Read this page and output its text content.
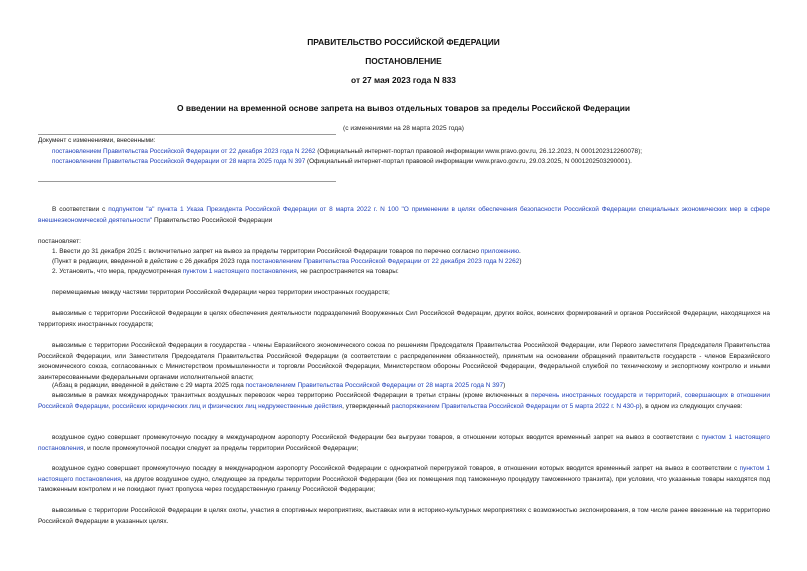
ПРАВИТЕЛЬСТВО РОССИЙСКОЙ ФЕДЕРАЦИИ
ПОСТАНОВЛЕНИЕ
от 27 мая 2023 года N 833
О введении на временной основе запрета на вывоз отдельных товаров за пределы Российской Федерации
(с изменениями на 28 марта 2025 года)
Документ с изменениями, внесенными:
постановлением Правительства Российской Федерации от 22 декабря 2023 года N 2262 (Официальный интернет-портал правовой информации www.pravo.gov.ru, 26.12.2023, N 0001202312260078);
постановлением Правительства Российской Федерации от 28 марта 2025 года N 397 (Официальный интернет-портал правовой информации www.pravo.gov.ru, 29.03.2025, N 0001202503290001).
В соответствии с подпунктом "а" пункта 1 Указа Президента Российской Федерации от 8 марта 2022 г. N 100 "О применении в целях обеспечения безопасности Российской Федерации специальных экономических мер в сфере внешнеэкономической деятельности" Правительство Российской Федерации
постановляет:
1. Ввести до 31 декабря 2025 г. включительно запрет на вывоз за пределы территории Российской Федерации товаров по перечню согласно приложению.
(Пункт в редакции, введенной в действие с 26 декабря 2023 года постановлением Правительства Российской Федерации от 22 декабря 2023 года N 2262)
2. Установить, что мера, предусмотренная пунктом 1 настоящего постановления, не распространяется на товары:
перемещаемые между частями территории Российской Федерации через территории иностранных государств;
вывозимые с территории Российской Федерации в целях обеспечения деятельности подразделений Вооруженных Сил Российской Федерации, других войск, воинских формирований и органов Российской Федерации, находящихся на территориях иностранных государств;
вывозимые с территории Российской Федерации в государства - члены Евразийского экономического союза по решениям Председателя Правительства Российской Федерации, или Первого заместителя Председателя Правительства Российской Федерации, или Заместителя Председателя Правительства Российской Федерации (в соответствии с распределением обязанностей), принятым на основании обращений правительств государств - членов Евразийского экономического союза, согласованных с Министерством промышленности и торговли Российской Федерации, Министерством обороны Российской Федерации, Федеральной службой по техническому и экспортному контролю и иными заинтересованными федеральными органами исполнительной власти;
(Абзац в редакции, введенной в действие с 29 марта 2025 года постановлением Правительства Российской Федерации от 28 марта 2025 года N 397)
вывозимые в рамках международных транзитных воздушных перевозок через территорию Российской Федерации в третьи страны (кроме включенных в перечень иностранных государств и территорий, совершающих в отношении Российской Федерации, российских юридических лиц и физических лиц недружественные действия, утвержденный распоряжением Правительства Российской Федерации от 5 марта 2022 г. N 430-р), в одном из следующих случаев:
воздушное судно совершает промежуточную посадку в международном аэропорту Российской Федерации без выгрузки товаров, в отношении которых вводится временный запрет на вывоз в соответствии с пунктом 1 настоящего постановления, и после промежуточной посадки следует за пределы территории Российской Федерации;
воздушное судно совершает промежуточную посадку в международном аэропорту Российской Федерации с однократной перегрузкой товаров, в отношении которых вводится временный запрет на вывоз в соответствии с пунктом 1 настоящего постановления, на другое воздушное судно, следующее за пределы территории Российской Федерации (без их помещения под таможенную процедуру таможенного транзита), при условии, что указанные товары находятся под таможенным контролем и не покидают пункт пропуска через государственную границу Российской Федерации;
вывозимые с территории Российской Федерации в целях охоты, участия в спортивных мероприятиях, выставках или в историко-культурных мероприятиях с возможностью экспонирования, в том числе ранее ввезенные на территорию Российской Федерации в указанных целях.
